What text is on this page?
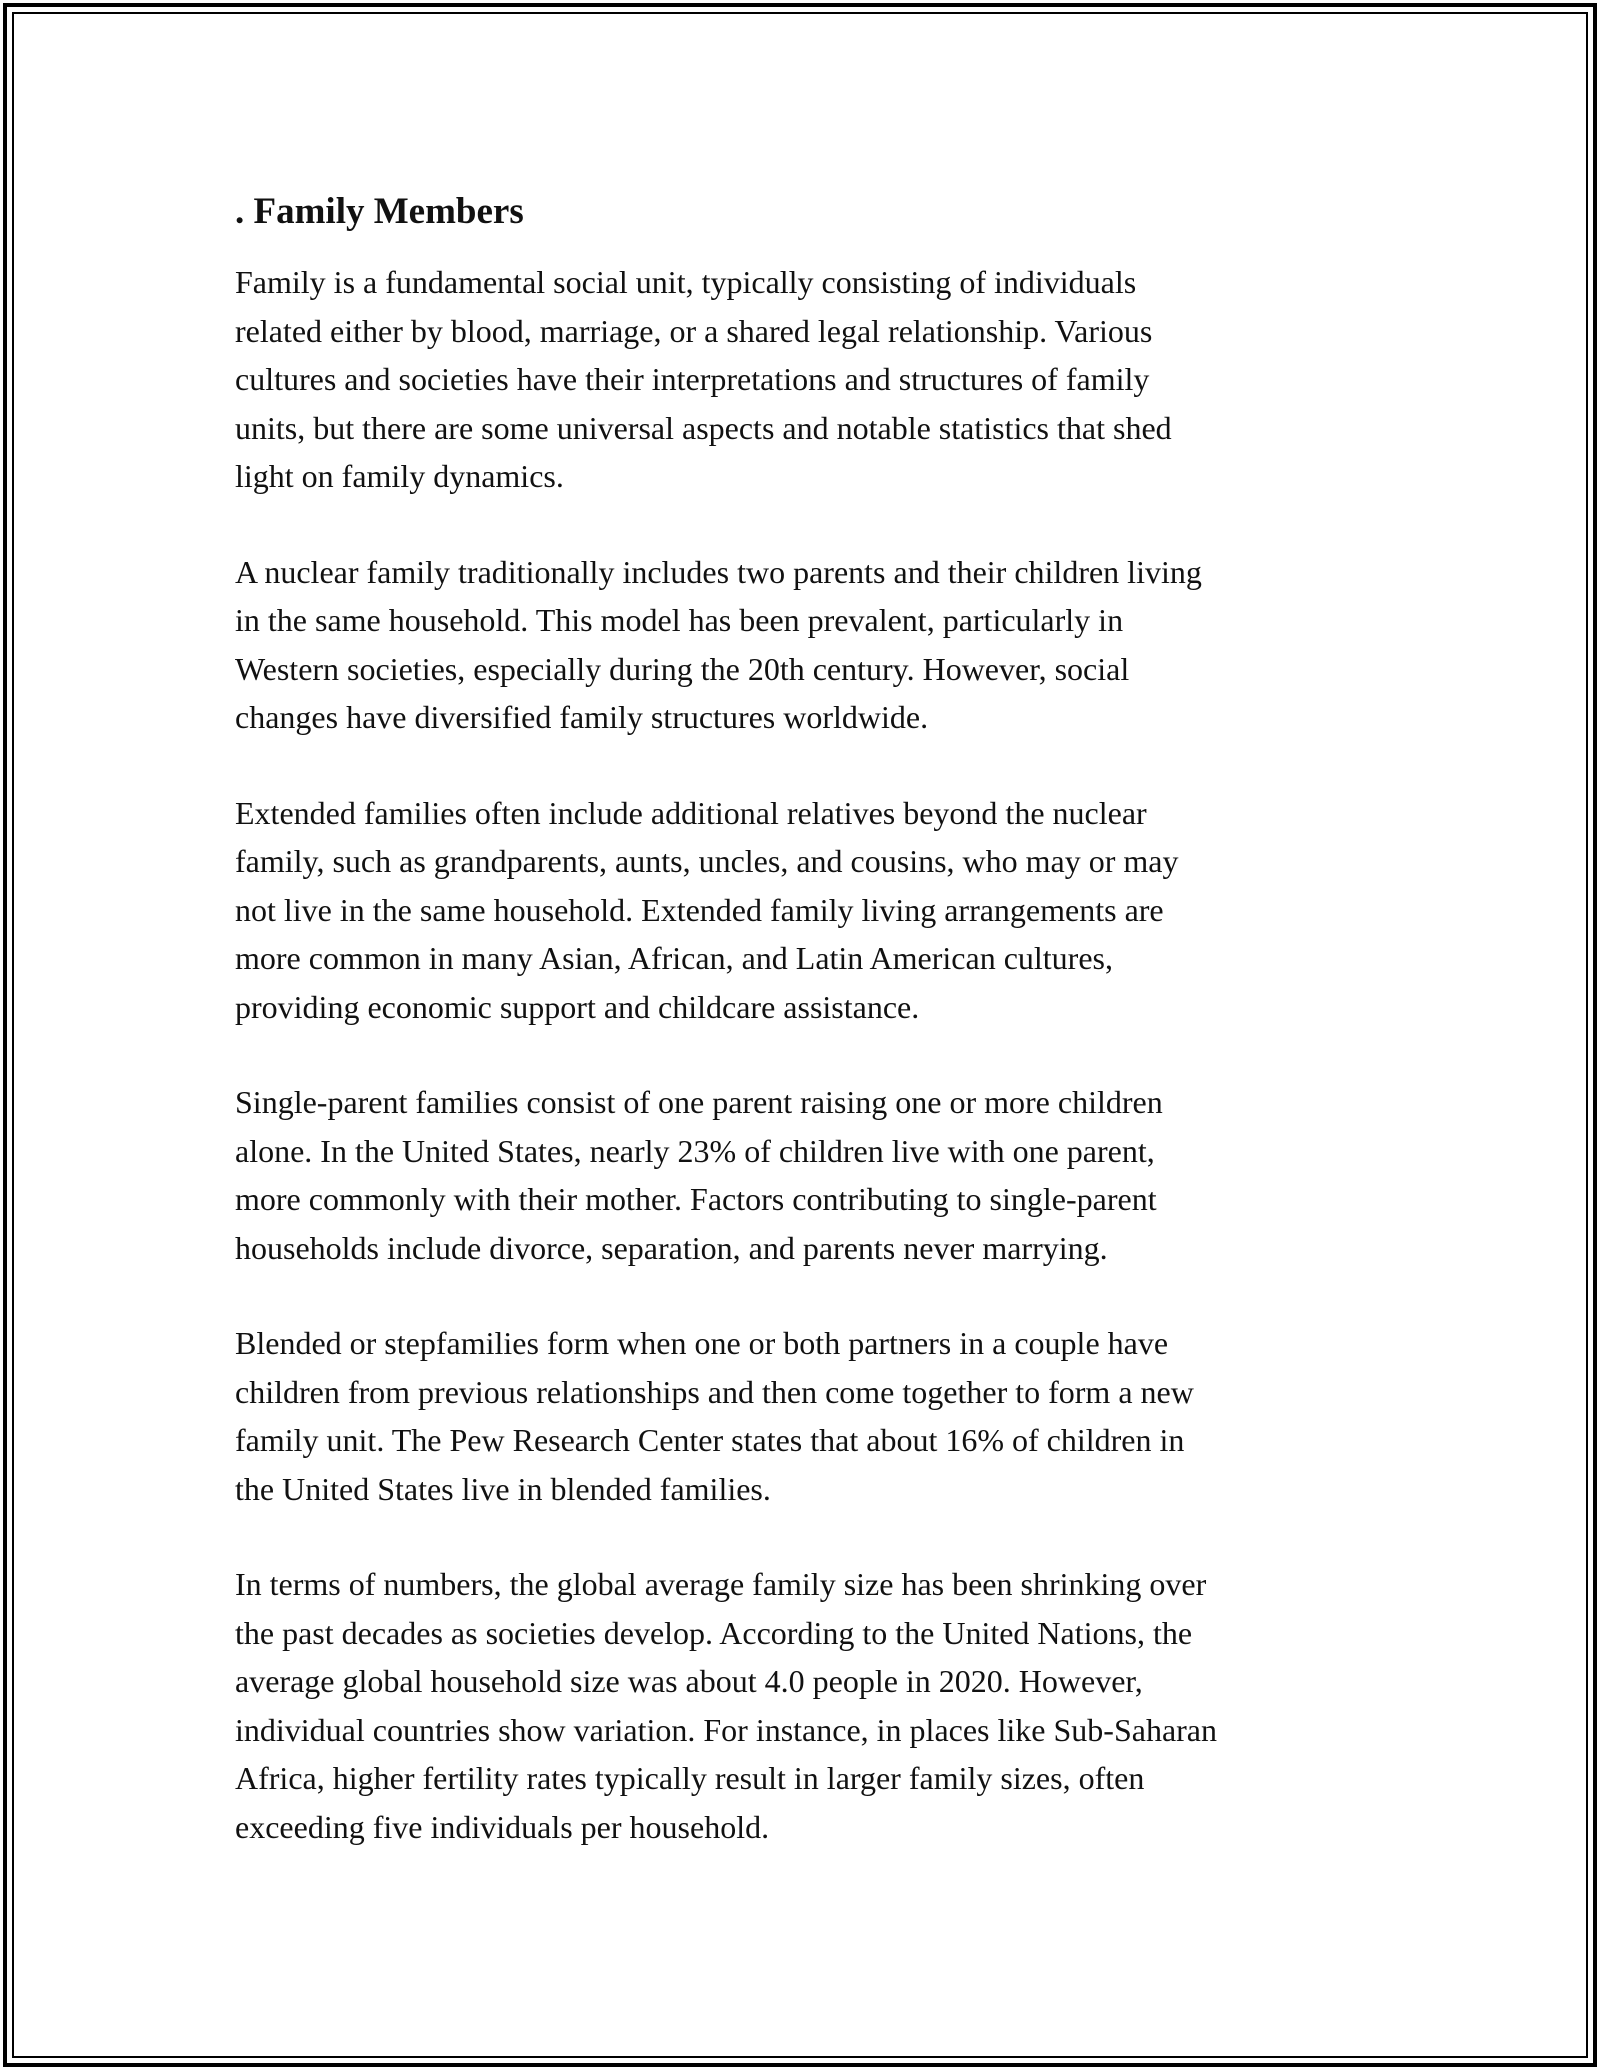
. Family Members

Family is a fundamental social unit, typically consisting of individuals
related either by blood, marriage, or a shared legal relationship. Various
cultures and societies have their interpretations and structures of family
units, but there are some universal aspects and notable statistics that shed
light on family dynamics.

A nuclear family traditionally includes two parents and their children living
in the same household. This model has been prevalent, particularly in
Western societies, especially during the 20th century. However, social
changes have diversified family structures worldwide.

Extended families often include additional relatives beyond the nuclear
family, such as grandparents, aunts, uncles, and cousins, who may or may
not live in the same household. Extended family living arrangements are
more common in many Asian, African, and Latin American cultures,
providing economic support and childcare assistance.

Single-parent families consist of one parent raising one or more children
alone. In the United States, nearly 23% of children live with one parent,
more commonly with their mother. Factors contributing to single-parent
households include divorce, separation, and parents never marrying.

Blended or stepfamilies form when one or both partners in a couple have
children from previous relationships and then come together to form a new
family unit. The Pew Research Center states that about 16% of children in
the United States live in blended families.

In terms of numbers, the global average family size has been shrinking over
the past decades as societies develop. According to the United Nations, the
average global household size was about 4.0 people in 2020. However,
individual countries show variation. For instance, in places like Sub-Saharan
Africa, higher fertility rates typically result in larger family sizes, often
exceeding five individuals per household.
